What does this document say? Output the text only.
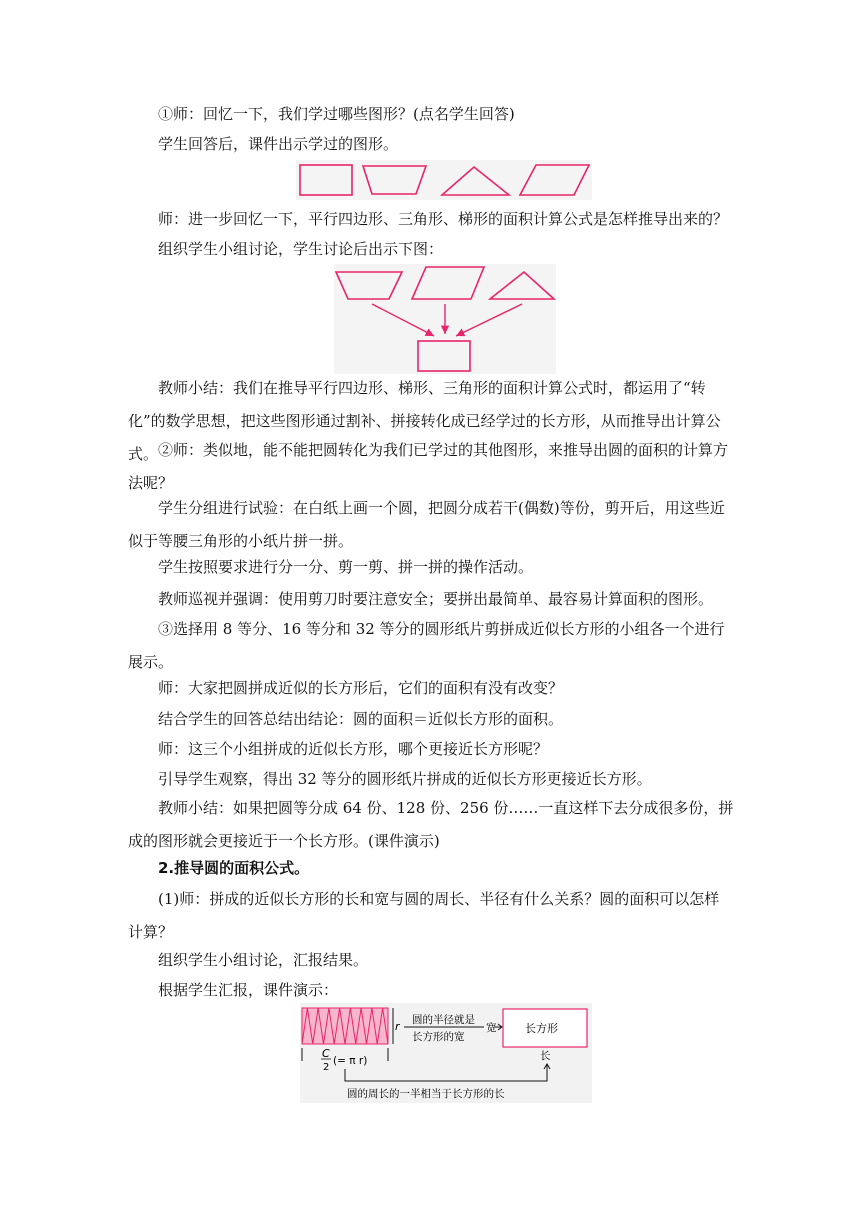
①师：回忆一下，我们学过哪些图形？(点名学生回答)
学生回答后，课件出示学过的图形。
师：进一步回忆一下，平行四边形、三角形、梯形的面积计算公式是怎样推导出来的？
组织学生小组讨论，学生讨论后出示下图：
教师小结：我们在推导平行四边形、梯形、三角形的面积计算公式时，都运用了“转化”的数学思想，把这些图形通过割补、拼接转化成已经学过的长方形，从而推导出计算公式。 ②师：类似地，能不能把圆转化为我们已学过的其他图形，来推导出圆的面积的计算方法呢？
学生分组进行试验：在白纸上画一个圆，把圆分成若干(偶数)等份，剪开后，用这些近似于等腰三角形的小纸片拼一拼。
学生按照要求进行分一分、剪一剪、拼一拼的操作活动。
教师巡视并强调：使用剪刀时要注意安全；要拼出最简单、最容易计算面积的图形。
③选择用 8 等分、16 等分和 32 等分的圆形纸片剪拼成近似长方形的小组各一个进行展示。
师：大家把圆拼成近似的长方形后，它们的面积有没有改变？
结合学生的回答总结出结论：圆的面积＝近似长方形的面积。
师：这三个小组拼成的近似长方形，哪个更接近长方形呢？
引导学生观察，得出 32 等分的圆形纸片拼成的近似长方形更接近长方形。
教师小结：如果把圆等分成 64 份、128 份、256 份……一直这样下去分成很多份，拼成的图形就会更接近于一个长方形。(课件演示)
2.推导圆的面积公式。
(1)师：拼成的近似长方形的长和宽与圆的周长、半径有什么关系？圆的面积可以怎样计算？
组织学生小组讨论，汇报结果。
根据学生汇报，课件演示：
r 圆的半径就是
长方形的宽
宽	长方形
长
C
2
(= π r)
圆的周长的一半相当于长方形的长
